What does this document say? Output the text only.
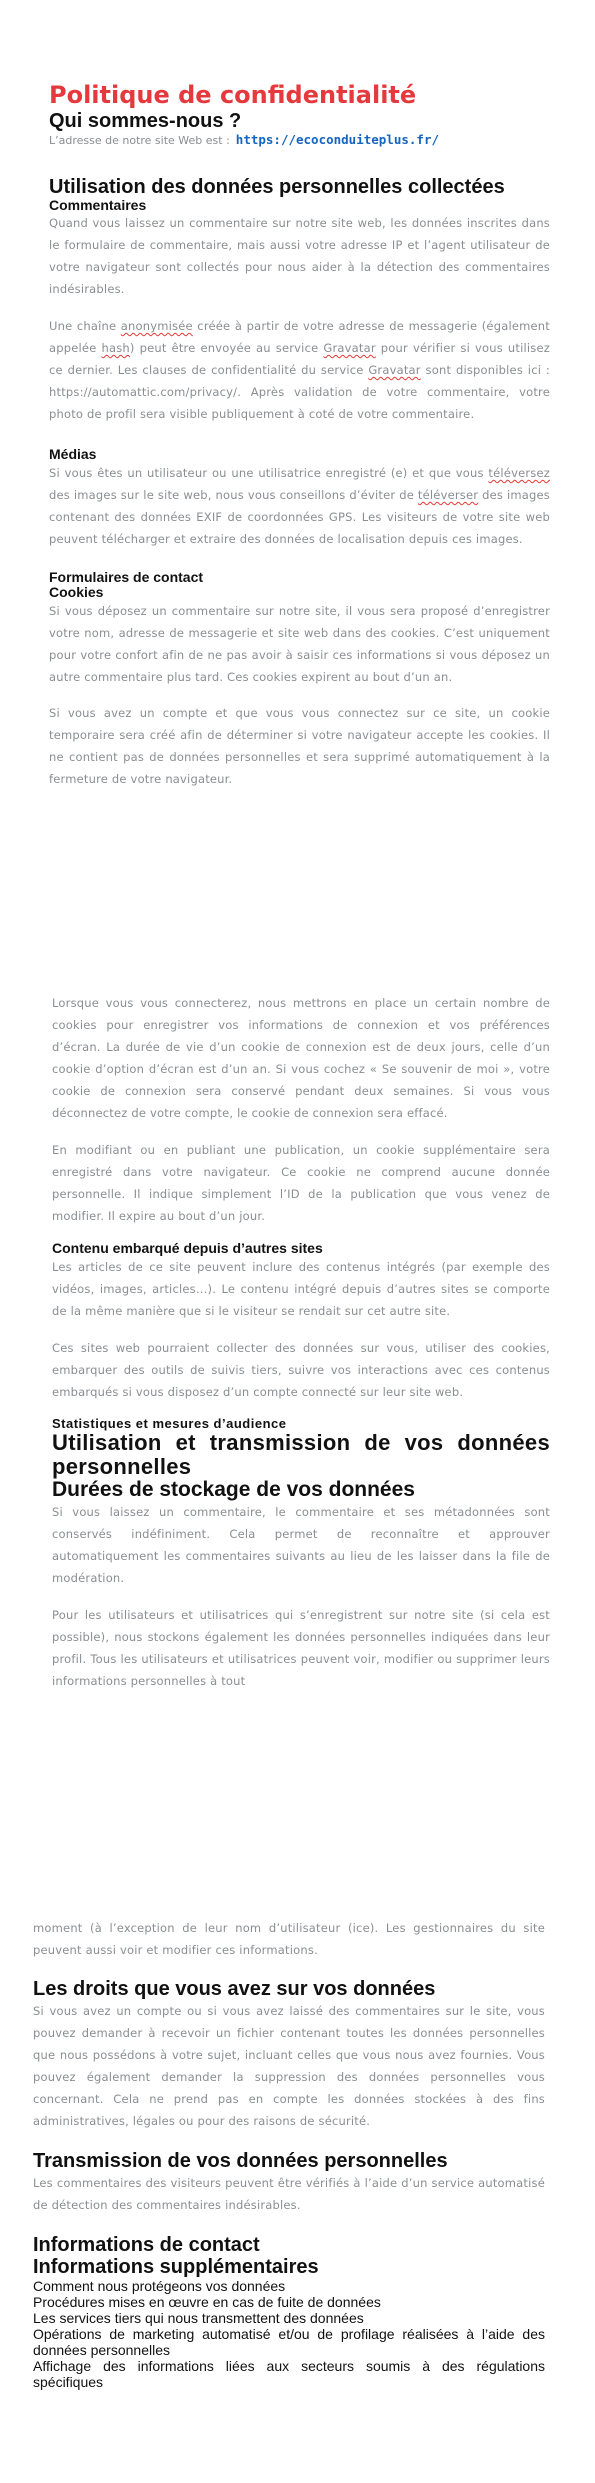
Politique de confidentialité
Qui sommes-nous ?
L’adresse de notre site Web est : https://ecoconduiteplus.fr/
Utilisation des données personnelles collectées
Commentaires

Quand vous laissez un commentaire sur notre site web, les données inscrites dans le formulaire de commentaire, mais aussi votre adresse IP et l’agent utilisateur de votre navigateur sont collectés pour nous aider à la détection des commentaires indésirables.

Une chaîne anonymisée créée à partir de votre adresse de messagerie (également appelée hash) peut être envoyée au service Gravatar pour vérifier si vous utilisez ce dernier. Les clauses de confidentialité du service Gravatar sont disponibles ici : https://automattic.com/privacy/. Après validation de votre commentaire, votre photo de profil sera visible publiquement à coté de votre commentaire.

Médias

Si vous êtes un utilisateur ou une utilisatrice enregistré (e) et que vous téléversez des images sur le site web, nous vous conseillons d’éviter de téléverser des images contenant des données EXIF de coordonnées GPS. Les visiteurs de votre site web peuvent télécharger et extraire des données de localisation depuis ces images.

Formulaires de contact
Cookies

Si vous déposez un commentaire sur notre site, il vous sera proposé d’enregistrer votre nom, adresse de messagerie et site web dans des cookies. C’est uniquement pour votre confort afin de ne pas avoir à saisir ces informations si vous déposez un autre commentaire plus tard. Ces cookies expirent au bout d’un an.

Si vous avez un compte et que vous vous connectez sur ce site, un cookie temporaire sera créé afin de déterminer si votre navigateur accepte les cookies. Il ne contient pas de données personnelles et sera supprimé automatiquement à la fermeture de votre navigateur.

Lorsque vous vous connecterez, nous mettrons en place un certain nombre de cookies pour enregistrer vos informations de connexion et vos préférences d’écran. La durée de vie d’un cookie de connexion est de deux jours, celle d’un cookie d’option d’écran est d’un an. Si vous cochez « Se souvenir de moi », votre cookie de connexion sera conservé pendant deux semaines. Si vous vous déconnectez de votre compte, le cookie de connexion sera effacé.

En modifiant ou en publiant une publication, un cookie supplémentaire sera enregistré dans votre navigateur. Ce cookie ne comprend aucune donnée personnelle. Il indique simplement l’ID de la publication que vous venez de modifier. Il expire au bout d’un jour.

Contenu embarqué depuis d’autres sites

Les articles de ce site peuvent inclure des contenus intégrés (par exemple des vidéos, images, articles…). Le contenu intégré depuis d’autres sites se comporte de la même manière que si le visiteur se rendait sur cet autre site.

Ces sites web pourraient collecter des données sur vous, utiliser des cookies, embarquer des outils de suivis tiers, suivre vos interactions avec ces contenus embarqués si vous disposez d’un compte connecté sur leur site web.

Statistiques et mesures d’audience
Utilisation et transmission de vos données personnelles
Durées de stockage de vos données

Si vous laissez un commentaire, le commentaire et ses métadonnées sont conservés indéfiniment. Cela permet de reconnaître et approuver automatiquement les commentaires suivants au lieu de les laisser dans la file de modération.

Pour les utilisateurs et utilisatrices qui s’enregistrent sur notre site (si cela est possible), nous stockons également les données personnelles indiquées dans leur profil. Tous les utilisateurs et utilisatrices peuvent voir, modifier ou supprimer leurs informations personnelles à tout

moment (à l’exception de leur nom d’utilisateur (ice). Les gestionnaires du site peuvent aussi voir et modifier ces informations.

Les droits que vous avez sur vos données

Si vous avez un compte ou si vous avez laissé des commentaires sur le site, vous pouvez demander à recevoir un fichier contenant toutes les données personnelles que nous possédons à votre sujet, incluant celles que vous nous avez fournies. Vous pouvez également demander la suppression des données personnelles vous concernant. Cela ne prend pas en compte les données stockées à des fins administratives, légales ou pour des raisons de sécurité.

Transmission de vos données personnelles

Les commentaires des visiteurs peuvent être vérifiés à l’aide d’un service automatisé de détection des commentaires indésirables.

Informations de contact
Informations supplémentaires
Comment nous protégeons vos données
Procédures mises en œuvre en cas de fuite de données
Les services tiers qui nous transmettent des données
Opérations de marketing automatisé et/ou de profilage réalisées à l’aide des données personnelles
Affichage des informations liées aux secteurs soumis à des régulations spécifiques
